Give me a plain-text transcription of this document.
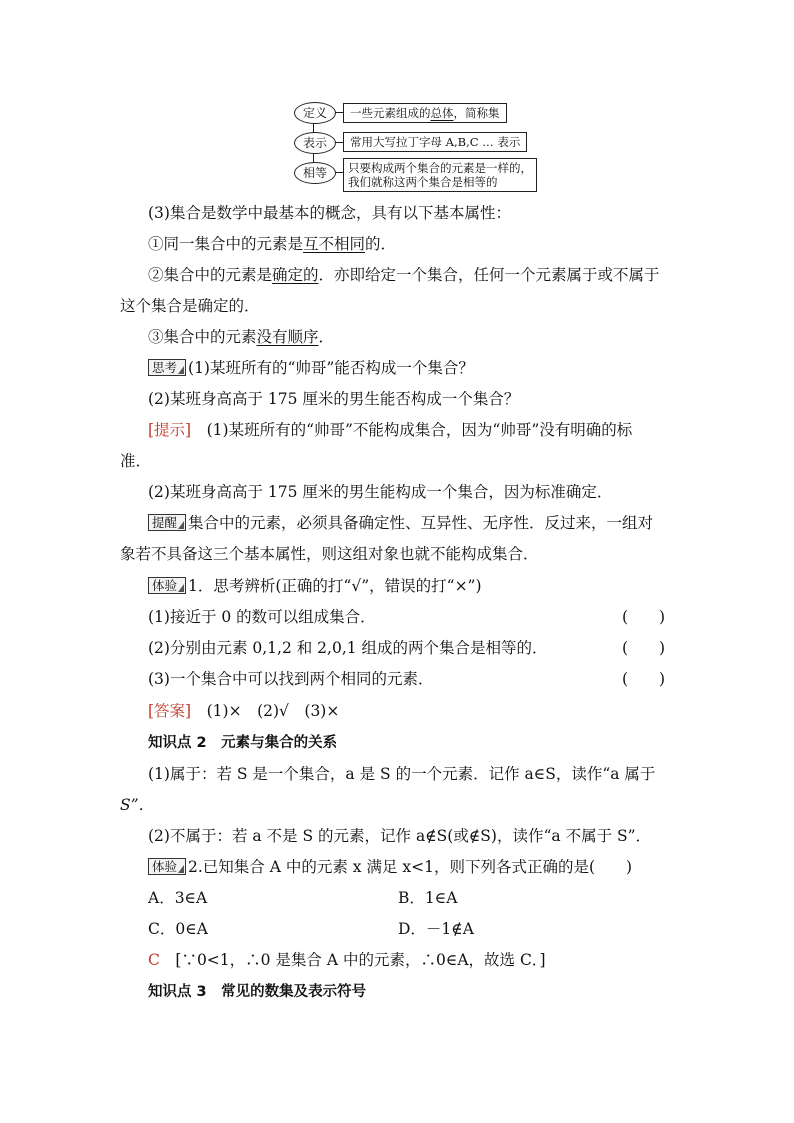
定义	一些元素组成的总体，简称集
表示	常用大写拉丁字母 A,B,C … 表示
相等	只要构成两个集合的元素是一样的，
我们就称这两个集合是相等的
(3)集合是数学中最基本的概念，具有以下基本属性：
①同一集合中的元素是互不相同的．
②集合中的元素是确定的．亦即给定一个集合，任何一个元素属于或不属于
这个集合是确定的．
③集合中的元素没有顺序．
思考 (1)某班所有的“帅哥”能否构成一个集合？
(2)某班身高高于 175 厘米的男生能否构成一个集合？
[提示]　 (1)某班所有的“帅哥”不能构成集合，因为“帅哥”没有明确的标
准．
(2)某班身高高于 175 厘米的男生能构成一个集合，因为标准确定．
提醒 集合中的元素，必须具备确定性、互异性、无序性．反过来，一组对
象若不具备这三个基本属性，则这组对象也就不能构成集合．
体验 1．思考辨析(正确的打“√”，错误的打“×”)
(1)接近于 0 的数可以组成集合．	(　　)
(2)分别由元素 0,1,2 和 2,0,1 组成的两个集合是相等的．	(　　)
(3)一个集合中可以找到两个相同的元素．	(　　)
[答案]　 (1)×　(2)√　(3)×
知识点 2　元素与集合的关系
(1)属于：若 S 是一个集合，a 是 S 的一个元素．记作 a∈S，读作“a 属于
S”．
(2)不属于：若 a 不是 S 的元素，记作 a∉S(或∉S)，读作“a 不属于 S”．
体验 2.已知集合 A 中的元素 x 满足 x<1，则下列各式正确的是(　　)
A．3∈A	B．1∈A
C．0∈A	D．－1∉A
C　 [∵0<1，∴0 是集合 A 中的元素，∴0∈A，故选 C．]
知识点 3　常见的数集及表示符号
